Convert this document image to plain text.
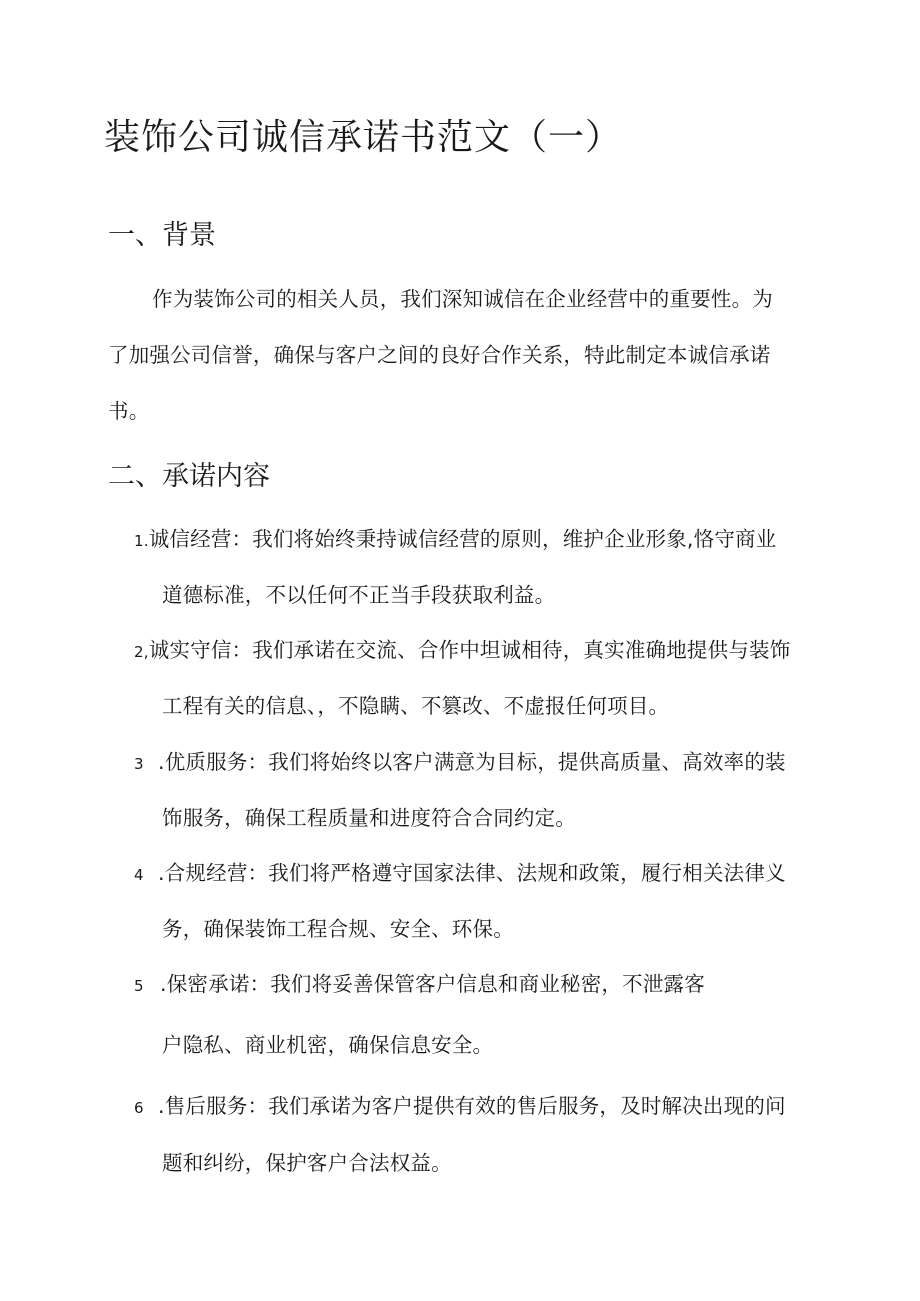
装饰公司诚信承诺书范文（一）
一、背景
作为装饰公司的相关人员，我们深知诚信在企业经营中的重要性。为
了加强公司信誉，确保与客户之间的良好合作关系，特此制定本诚信承诺
书。
二、承诺内容
1.诚信经营：我们将始终秉持诚信经营的原则，维护企业形象,恪守商业
道德标准，不以任何不正当手段获取利益。
2,诚实守信：我们承诺在交流、合作中坦诚相待，真实准确地提供与装饰
工程有关的信息、，不隐瞒、不篡改、不虚报任何项目。
3 .优质服务：我们将始终以客户满意为目标，提供高质量、高效率的装
饰服务，确保工程质量和进度符合合同约定。
4 .合规经营：我们将严格遵守国家法律、法规和政策，履行相关法律义
务，确保装饰工程合规、安全、环保。
5 .保密承诺：我们将妥善保管客户信息和商业秘密，不泄露客
户隐私、商业机密，确保信息安全。
6 .售后服务：我们承诺为客户提供有效的售后服务，及时解决出现的问
题和纠纷，保护客户合法权益。
